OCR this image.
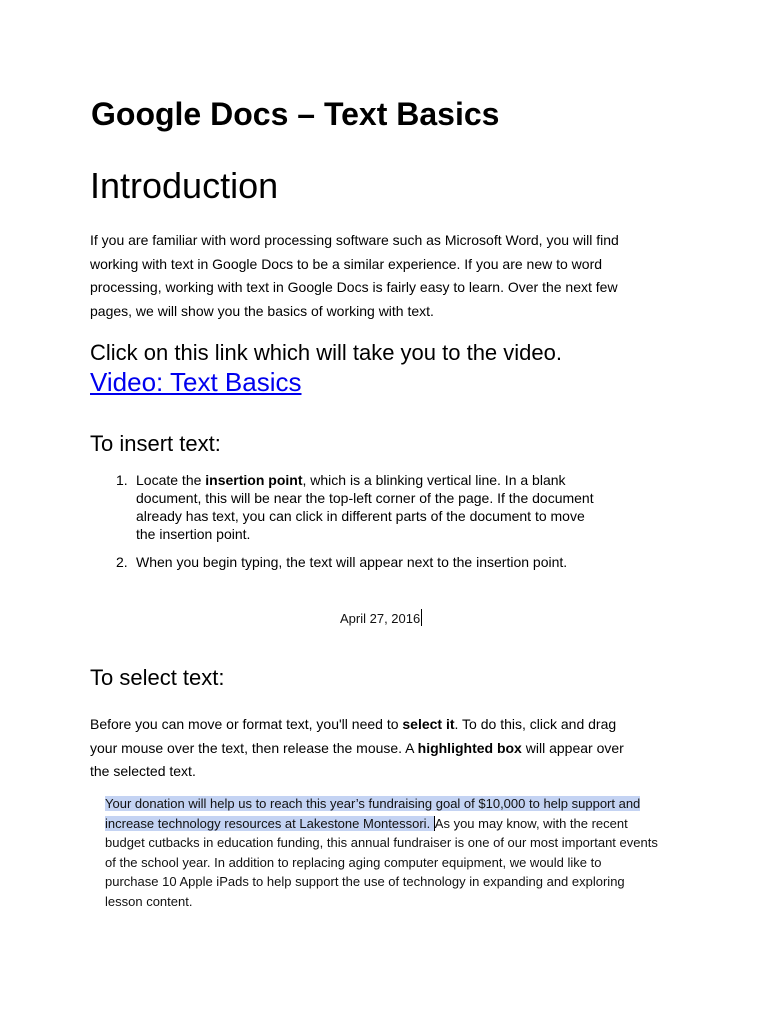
Google Docs – Text Basics
Introduction

If you are familiar with word processing software such as Microsoft Word, you will find
working with text in Google Docs to be a similar experience. If you are new to word
processing, working with text in Google Docs is fairly easy to learn. Over the next few
pages, we will show you the basics of working with text.

Click on this link which will take you to the video.

Video: Text Basics
To insert text:
1. Locate the insertion point, which is a blinking vertical line. In a blank
document, this will be near the top-left corner of the page. If the document
already has text, you can click in different parts of the document to move
the insertion point.
2. When you begin typing, the text will appear next to the insertion point.
April 27, 2016
To select text:

Before you can move or format text, you'll need to select it. To do this, click and drag
your mouse over the text, then release the mouse. A highlighted box will appear over
the selected text.

Your donation will help us to reach this year’s fundraising goal of $10,000 to help support and
increase technology resources at Lakestone Montessori. As you may know, with the recent
budget cutbacks in education funding, this annual fundraiser is one of our most important events
of the school year. In addition to replacing aging computer equipment, we would like to
purchase 10 Apple iPads to help support the use of technology in expanding and exploring
lesson content.
